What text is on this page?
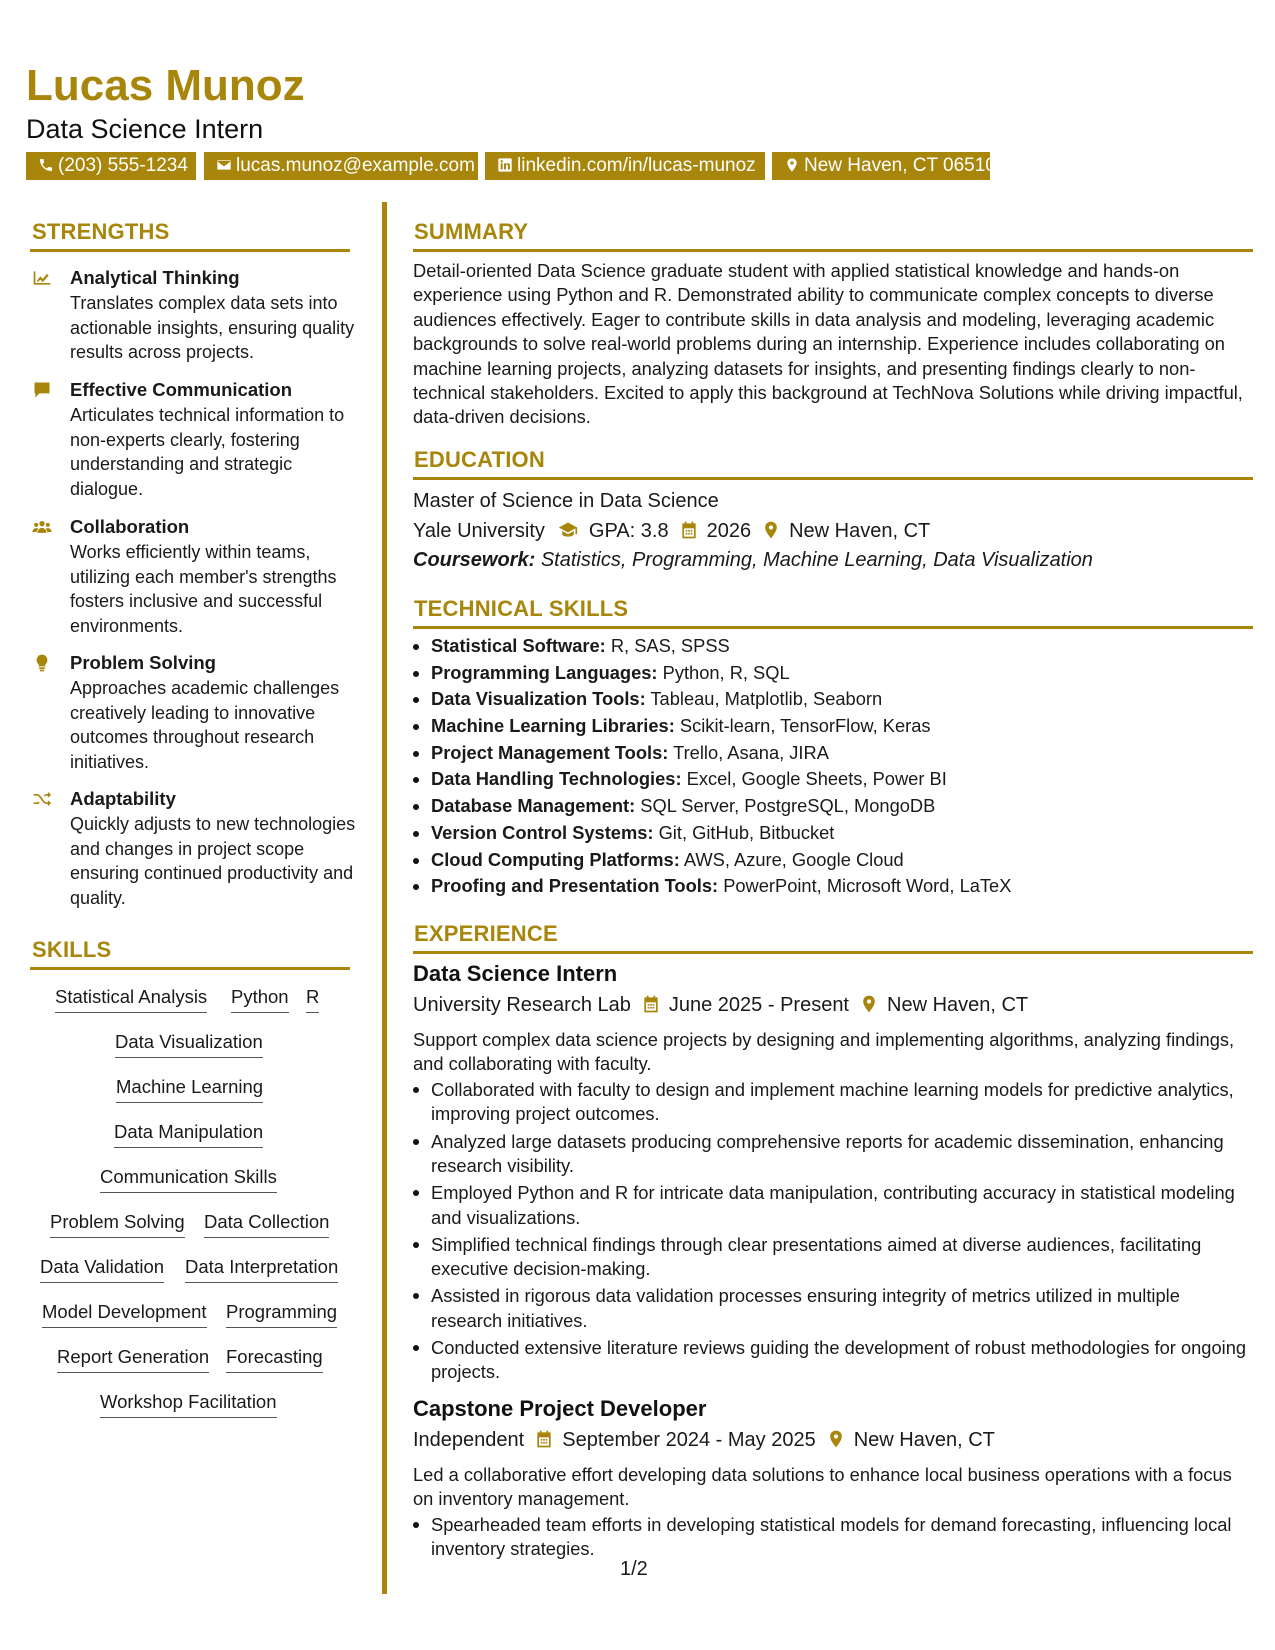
Lucas Munoz
Data Science Intern
(203) 555-1234	lucas.munoz@example.com	linkedin.com/in/lucas-munoz	New Haven, CT 06510
STRENGTHS
Analytical Thinking
Translates complex data sets into actionable insights, ensuring quality results across projects.
Effective Communication
Articulates technical information to non-experts clearly, fostering understanding and strategic dialogue.
Collaboration
Works efficiently within teams, utilizing each member's strengths fosters inclusive and successful environments.
Problem Solving
Approaches academic challenges creatively leading to innovative outcomes throughout research initiatives.
Adaptability
Quickly adjusts to new technologies and changes in project scope ensuring continued productivity and quality.
SKILLS
Statistical Analysis Python R
Data Visualization
Machine Learning
Data Manipulation
Communication Skills
Problem Solving Data Collection
Data Validation Data Interpretation
Model Development Programming
Report Generation Forecasting
Workshop Facilitation
SUMMARY
Detail-oriented Data Science graduate student with applied statistical knowledge and hands-on experience using Python and R. Demonstrated ability to communicate complex concepts to diverse audiences effectively. Eager to contribute skills in data analysis and modeling, leveraging academic backgrounds to solve real-world problems during an internship. Experience includes collaborating on machine learning projects, analyzing datasets for insights, and presenting findings clearly to non-technical stakeholders. Excited to apply this background at TechNova Solutions while driving impactful, data-driven decisions.
EDUCATION
Master of Science in Data Science
Yale University GPA: 3.8 2026 New Haven, CT
Coursework: Statistics, Programming, Machine Learning, Data Visualization
TECHNICAL SKILLS
Statistical Software: R, SAS, SPSS
Programming Languages: Python, R, SQL
Data Visualization Tools: Tableau, Matplotlib, Seaborn
Machine Learning Libraries: Scikit-learn, TensorFlow, Keras
Project Management Tools: Trello, Asana, JIRA
Data Handling Technologies: Excel, Google Sheets, Power BI
Database Management: SQL Server, PostgreSQL, MongoDB
Version Control Systems: Git, GitHub, Bitbucket
Cloud Computing Platforms: AWS, Azure, Google Cloud
Proofing and Presentation Tools: PowerPoint, Microsoft Word, LaTeX
EXPERIENCE
Data Science Intern
University Research Lab June 2025 - Present New Haven, CT
Support complex data science projects by designing and implementing algorithms, analyzing findings, and collaborating with faculty.
Collaborated with faculty to design and implement machine learning models for predictive analytics, improving project outcomes.
Analyzed large datasets producing comprehensive reports for academic dissemination, enhancing research visibility.
Employed Python and R for intricate data manipulation, contributing accuracy in statistical modeling and visualizations.
Simplified technical findings through clear presentations aimed at diverse audiences, facilitating executive decision-making.
Assisted in rigorous data validation processes ensuring integrity of metrics utilized in multiple research initiatives.
Conducted extensive literature reviews guiding the development of robust methodologies for ongoing projects.
Capstone Project Developer
Independent September 2024 - May 2025 New Haven, CT
Led a collaborative effort developing data solutions to enhance local business operations with a focus on inventory management.
Spearheaded team efforts in developing statistical models for demand forecasting, influencing local inventory strategies.
1/2
